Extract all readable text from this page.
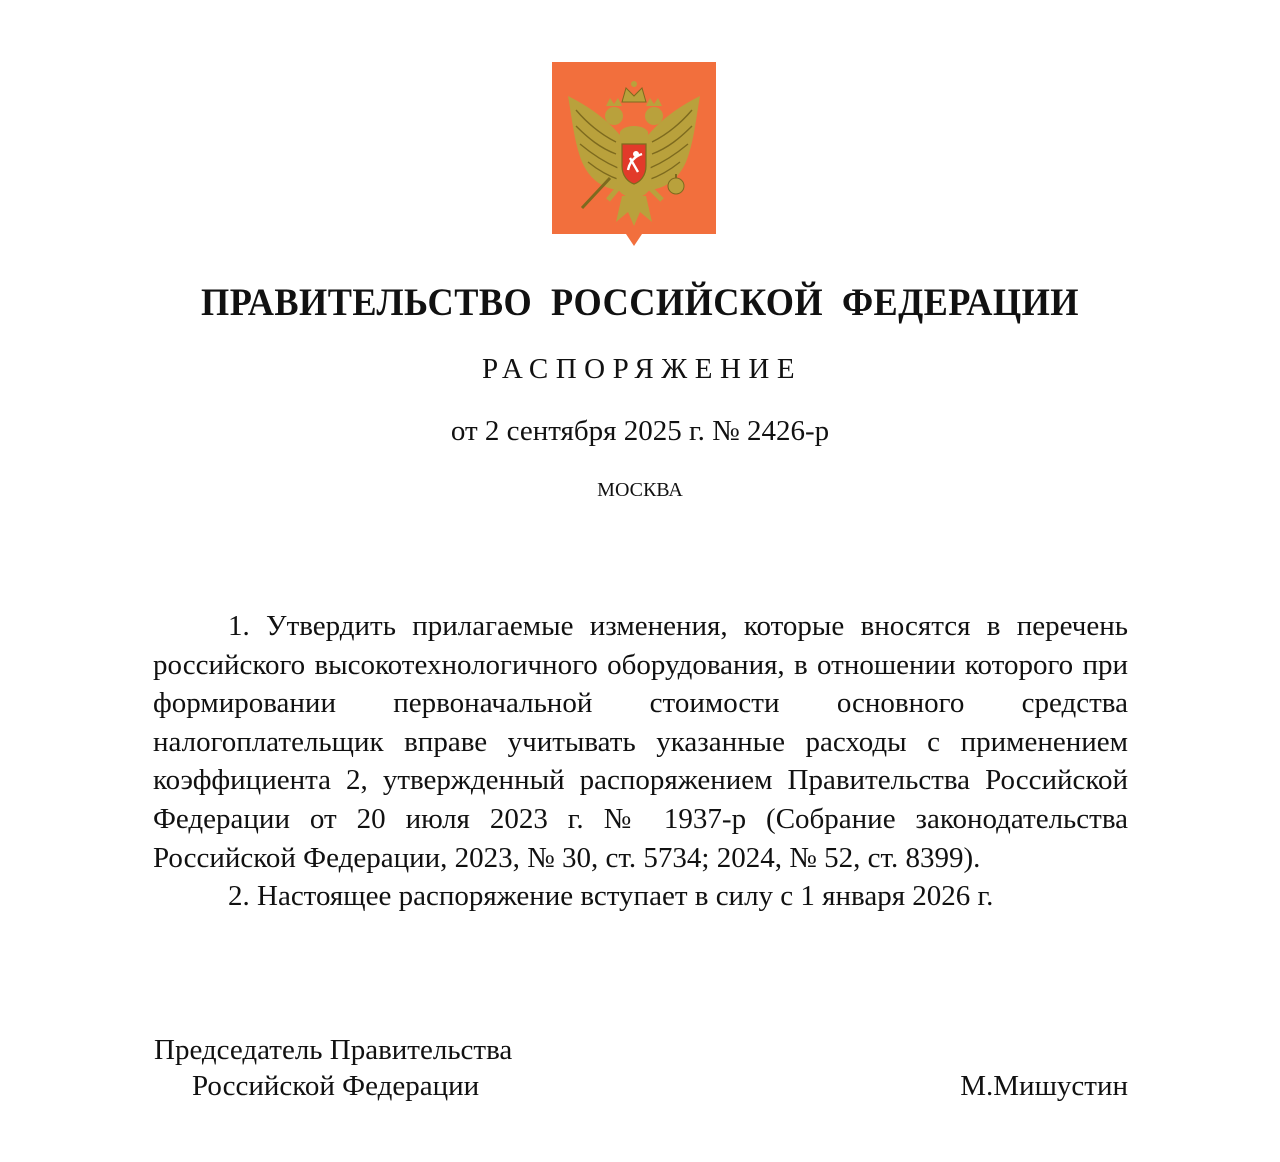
ПРАВИТЕЛЬСТВО РОССИЙСКОЙ ФЕДЕРАЦИИ
РАСПОРЯЖЕНИЕ
от 2 сентября 2025 г. № 2426-р
МОСКВА

1. Утвердить прилагаемые изменения, которые вносятся в перечень российского высокотехнологичного оборудования, в отношении которого при формировании первоначальной стоимости основного средства налогоплательщик вправе учитывать указанные расходы с применением коэффициента 2, утвержденный распоряжением Правительства Российской Федерации от 20 июля 2023 г. № 1937-р (Собрание законодательства Российской Федерации, 2023, № 30, ст. 5734; 2024, № 52, ст. 8399).

2. Настоящее распоряжение вступает в силу с 1 января 2026 г.

Председатель Правительства
Российской Федерации	М.Мишустин
